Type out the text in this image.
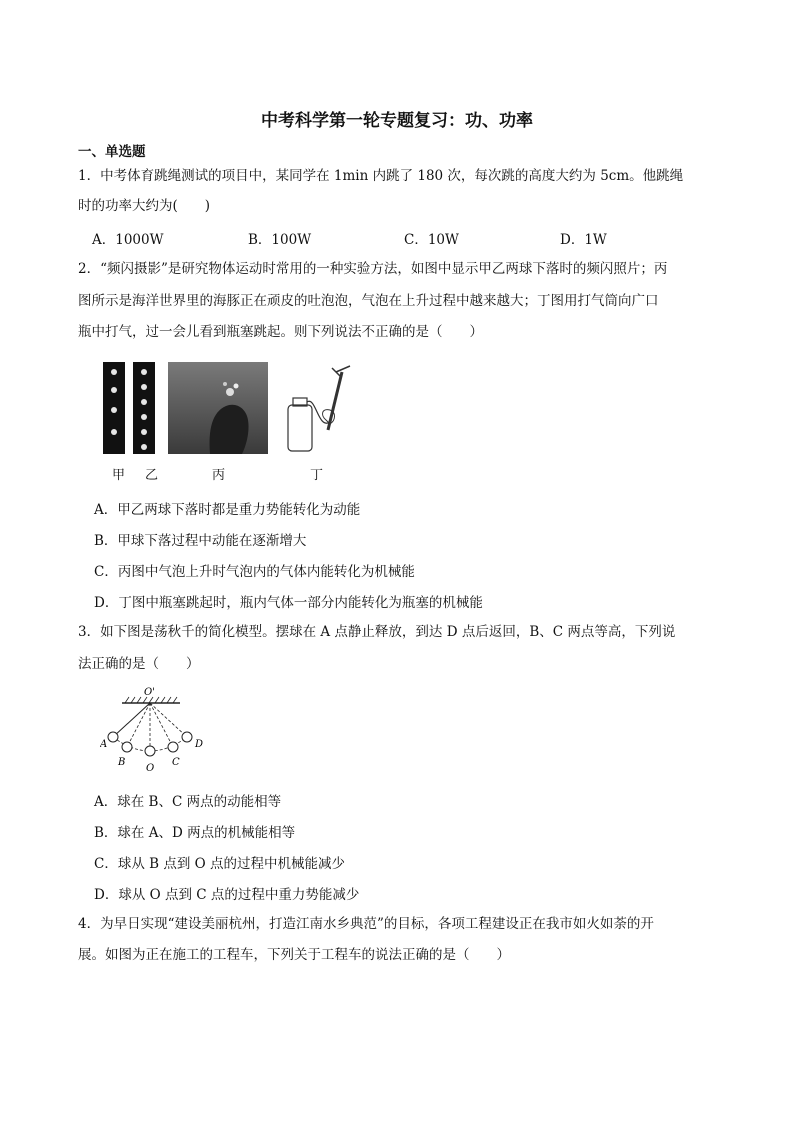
中考科学第一轮专题复习：功、功率
一、单选题
1．中考体育跳绳测试的项目中，某同学在 1min 内跳了 180 次，每次跳的高度大约为 5cm。他跳绳
时的功率大约为(　　)
A．1000W	B．100W	C．10W	D．1W
2．“频闪摄影”是研究物体运动时常用的一种实验方法，如图中显示甲乙两球下落时的频闪照片；丙
图所示是海洋世界里的海豚正在顽皮的吐泡泡，气泡在上升过程中越来越大；丁图用打气筒向广口
瓶中打气，过一会儿看到瓶塞跳起。则下列说法不正确的是（　　）
甲 乙	丙	丁
A．甲乙两球下落时都是重力势能转化为动能
B．甲球下落过程中动能在逐渐增大
C．丙图中气泡上升时气泡内的气体内能转化为机械能
D．丁图中瓶塞跳起时，瓶内气体一部分内能转化为瓶塞的机械能
3．如下图是荡秋千的简化模型。摆球在 A 点静止释放，到达 D 点后返回，B、C 两点等高，下列说
法正确的是（　　）
O'
A
B
O
C
D
A．球在 B、C 两点的动能相等
B．球在 A、D 两点的机械能相等
C．球从 B 点到 O 点的过程中机械能减少
D．球从 O 点到 C 点的过程中重力势能减少
4．为早日实现“建设美丽杭州，打造江南水乡典范”的目标，各项工程建设正在我市如火如荼的开
展。如图为正在施工的工程车，下列关于工程车的说法正确的是（　　）
